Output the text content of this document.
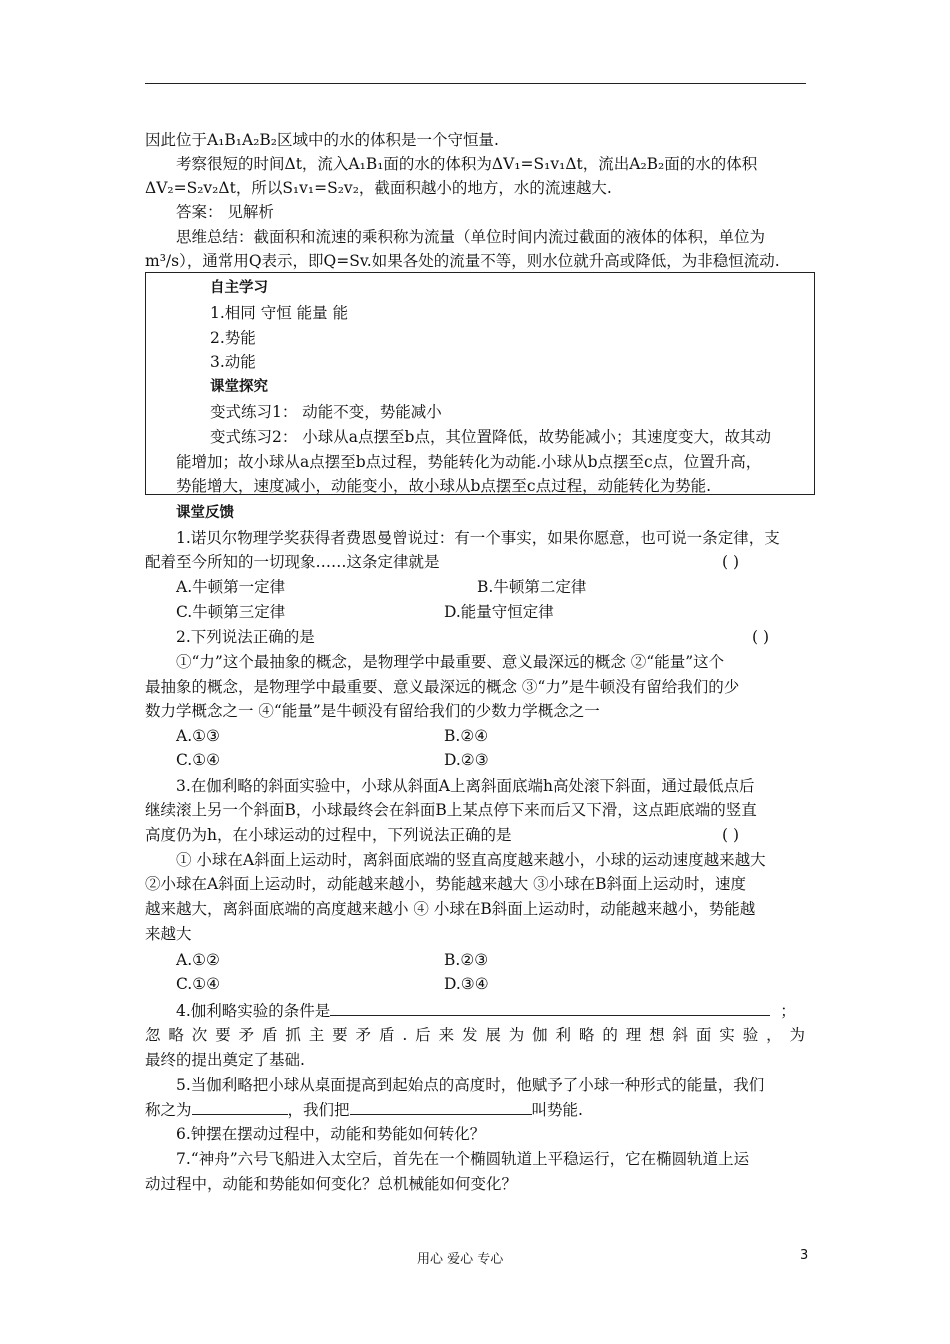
因此位于A₁B₁A₂B₂区域中的水的体积是一个守恒量.
考察很短的时间Δt，流入A₁B₁面的水的体积为ΔV₁=S₁v₁Δt，流出A₂B₂面的水的体积
ΔV₂=S₂v₂Δt，所以S₁v₁=S₂v₂，截面积越小的地方，水的流速越大.
答案： 见解析
思维总结：截面积和流速的乘积称为流量（单位时间内流过截面的液体的体积，单位为
m³/s），通常用Q表示，即Q=Sv.如果各处的流量不等，则水位就升高或降低，为非稳恒流动.
自主学习
1.相同 守恒 能量 能
2.势能
3.动能
课堂探究
变式练习1： 动能不变，势能减小
变式练习2： 小球从a点摆至b点，其位置降低，故势能减小；其速度变大，故其动
能增加；故小球从a点摆至b点过程，势能转化为动能.小球从b点摆至c点，位置升高，
势能增大，速度减小，动能变小，故小球从b点摆至c点过程，动能转化为势能.
课堂反馈
1.诺贝尔物理学奖获得者费恩曼曾说过：有一个事实，如果你愿意，也可说一条定律，支
配着至今所知的一切现象……这条定律就是	( )
A.牛顿第一定律	B.牛顿第二定律
C.牛顿第三定律	D.能量守恒定律
2.下列说法正确的是	( )
①“力”这个最抽象的概念，是物理学中最重要、意义最深远的概念 ②“能量”这个
最抽象的概念，是物理学中最重要、意义最深远的概念 ③“力”是牛顿没有留给我们的少
数力学概念之一 ④“能量”是牛顿没有留给我们的少数力学概念之一
A.①③	B.②④
C.①④	D.②③
3.在伽利略的斜面实验中，小球从斜面A上离斜面底端h高处滚下斜面，通过最低点后
继续滚上另一个斜面B，小球最终会在斜面B上某点停下来而后又下滑，这点距底端的竖直
高度仍为h，在小球运动的过程中，下列说法正确的是	( )
① 小球在A斜面上运动时，离斜面底端的竖直高度越来越小，小球的运动速度越来越大
②小球在A斜面上运动时，动能越来越小，势能越来越大 ③小球在B斜面上运动时，速度
越来越大，离斜面底端的高度越来越小 ④ 小球在B斜面上运动时，动能越来越小，势能越
来越大
A.①②	B.②③
C.①④	D.③④
4.伽利略实验的条件是	；
忽略次要矛盾抓主要矛盾.后来发展为伽利略的理想斜面实验，为
最终的提出奠定了基础.
5.当伽利略把小球从桌面提高到起始点的高度时，他赋予了小球一种形式的能量，我们
称之为	，我们把	叫势能.
6.钟摆在摆动过程中，动能和势能如何转化？
7.“神舟”六号飞船进入太空后，首先在一个椭圆轨道上平稳运行，它在椭圆轨道上运
动过程中，动能和势能如何变化？总机械能如何变化？
用心 爱心 专心	3
